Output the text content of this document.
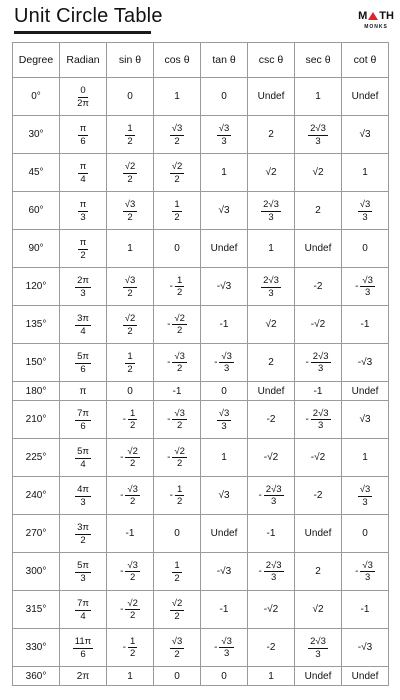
Unit Circle Table	M TH
MONKS
Degree	Radian	sin θ	cos θ	tan θ	csc θ	sec θ	cot θ
0°	$\frac{0}{2\pi}$	0	1	0	Undef	1	Undef
30°	$\frac{\pi}{6}$	$\frac{1}{2}$	$\frac{√3}{2}$	$\frac{√3}{3}$	2	$\frac{2√3}{3}$	√3
45°	$\frac{\pi}{4}$	$\frac{√2}{2}$	$\frac{√2}{2}$	1	√2	√2	1
60°	$\frac{\pi}{3}$	$\frac{√3}{2}$	$\frac{1}{2}$	√3	$\frac{2√3}{3}$	2	$\frac{√3}{3}$

90°	$\frac{\pi}{2}$	1	0	Undef	1	Undef	0
120°	$\frac{2\pi}{3}$	$\frac{√3}{2}$	- $\frac{1}{2}$	-√3	$\frac{2√3}{3}$	-2	- $\frac{√3}{3}$

135°	$\frac{3\pi}{4}$	$\frac{√2}{2}$	- $\frac{√2}{2}$	-1	√2	-√2	-1
150°	$\frac{5\pi}{6}$	$\frac{1}{2}$	- $\frac{√3}{2}$	- $\frac{√3}{3}$	2	- $\frac{2√3}{3}$	-√3
180°	π	0	-1	0	Undef	-1	Undef
210°	$\frac{7\pi}{6}$	- $\frac{1}{2}$	- $\frac{√3}{2}$	$\frac{√3}{3}$	-2	- $\frac{2√3}{3}$	√3
225°	$\frac{5\pi}{4}$	- $\frac{√2}{2}$	- $\frac{√2}{2}$	1	-√2	-√2	1
240°	$\frac{4\pi}{3}$	- $\frac{√3}{2}$	- $\frac{1}{2}$	√3	- $\frac{2√3}{3}$	-2	$\frac{√3}{3}$

270°	$\frac{3\pi}{2}$	-1	0	Undef	-1	Undef	0
300°	$\frac{5\pi}{3}$	- $\frac{√3}{2}$	$\frac{1}{2}$	-√3	- $\frac{2√3}{3}$	2	- $\frac{√3}{3}$

315°	$\frac{7\pi}{4}$	- $\frac{√2}{2}$	$\frac{√2}{2}$	-1	-√2	√2	-1
330°	$\frac{11\pi}{6}$	- $\frac{1}{2}$	$\frac{√3}{2}$	- $\frac{√3}{3}$	-2	$\frac{2√3}{3}$	-√3
360°	2π	1	0	0	1	Undef	Undef
